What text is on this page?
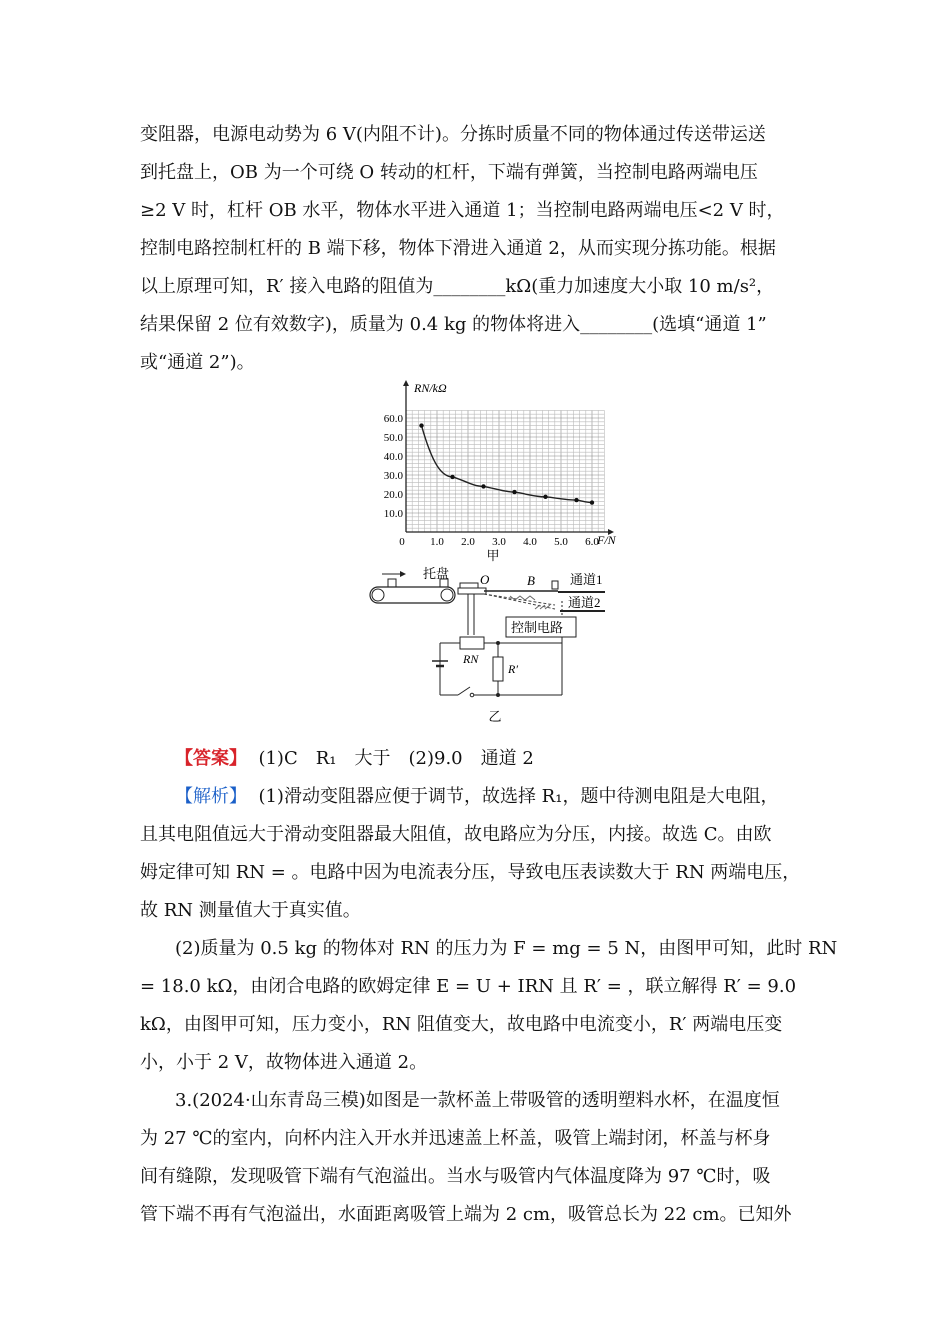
变阻器，电源电动势为 6 V(内阻不计)。分拣时质量不同的物体通过传送带运送
到托盘上，OB 为一个可绕 O 转动的杠杆，下端有弹簧，当控制电路两端电压
≥2 V 时，杠杆 OB 水平，物体水平进入通道 1；当控制电路两端电压<2 V 时，
控制电路控制杠杆的 B 端下移，物体下滑进入通道 2，从而实现分拣功能。根据
以上原理可知，R′ 接入电路的阻值为________kΩ(重力加速度大小取 10 m/s²，
结果保留 2 位有效数字)，质量为 0.4 kg 的物体将进入________(选填“通道 1”
或“通道 2”)。
RN/kΩ
F/N
10.0
20.0
30.0
40.0
50.0
60.0
0 1.0 2.0 3.0 4.0 5.0 6.0
甲
托盘 O	B	通道1
通道2
控制电路
RN
R′
乙
【答案】 (1)C　R₁　大于　(2)9.0　通道 2
【解析】 (1)滑动变阻器应便于调节，故选择 R₁，题中待测电阻是大电阻，
且其电阻值远大于滑动变阻器最大阻值，故电路应为分压，内接。故选 C。由欧
姆定律可知 RN = 。电路中因为电流表分压，导致电压表读数大于 RN 两端电压，
故 RN 测量值大于真实值。
(2)质量为 0.5 kg 的物体对 RN 的压力为 F = mg = 5 N，由图甲可知，此时 RN
= 18.0 kΩ，由闭合电路的欧姆定律 E = U + IRN 且 R′ = ，联立解得 R′ = 9.0
kΩ，由图甲可知，压力变小，RN 阻值变大，故电路中电流变小，R′ 两端电压变
小，小于 2 V，故物体进入通道 2。
3.(2024·山东青岛三模)如图是一款杯盖上带吸管的透明塑料水杯，在温度恒
为 27 ℃的室内，向杯内注入开水并迅速盖上杯盖，吸管上端封闭，杯盖与杯身
间有缝隙，发现吸管下端有气泡溢出。当水与吸管内气体温度降为 97 ℃时，吸
管下端不再有气泡溢出，水面距离吸管上端为 2 cm，吸管总长为 22 cm。已知外
